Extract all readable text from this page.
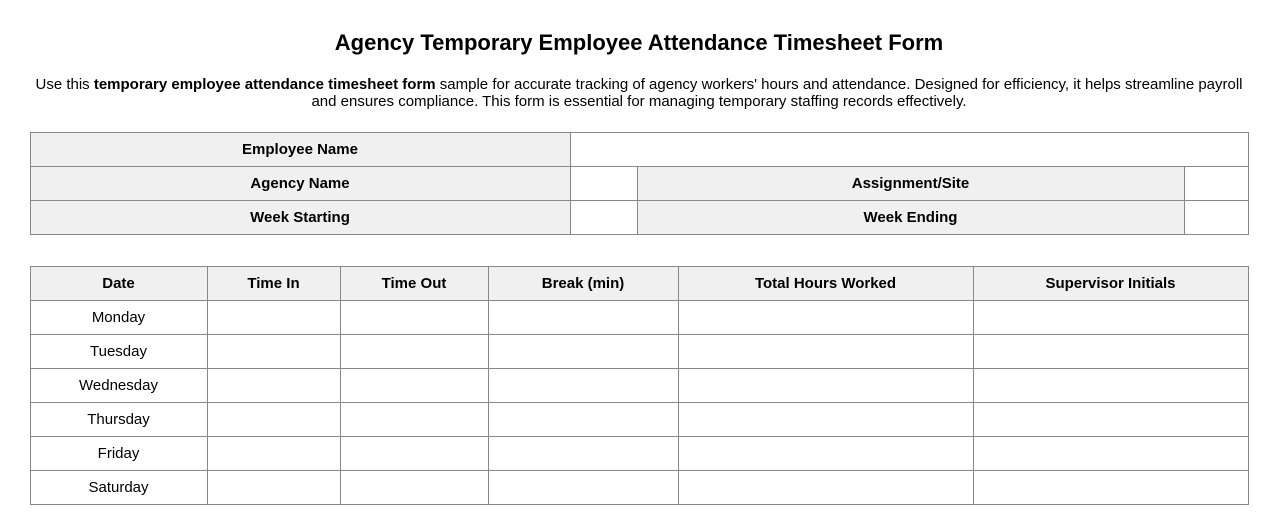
Agency Temporary Employee Attendance Timesheet Form

Use this temporary employee attendance timesheet form sample for accurate tracking of agency workers' hours and attendance. Designed for efficiency, it helps streamline payroll and ensures compliance. This form is essential for managing temporary staffing records effectively.

Employee Name			
Agency Name		Assignment/Site	
Week Starting		Week Ending	
Date	Time In	Time Out	Break (min)	Total Hours Worked	Supervisor Initials
Monday					
Tuesday					
Wednesday					
Thursday					
Friday					
Saturday					
